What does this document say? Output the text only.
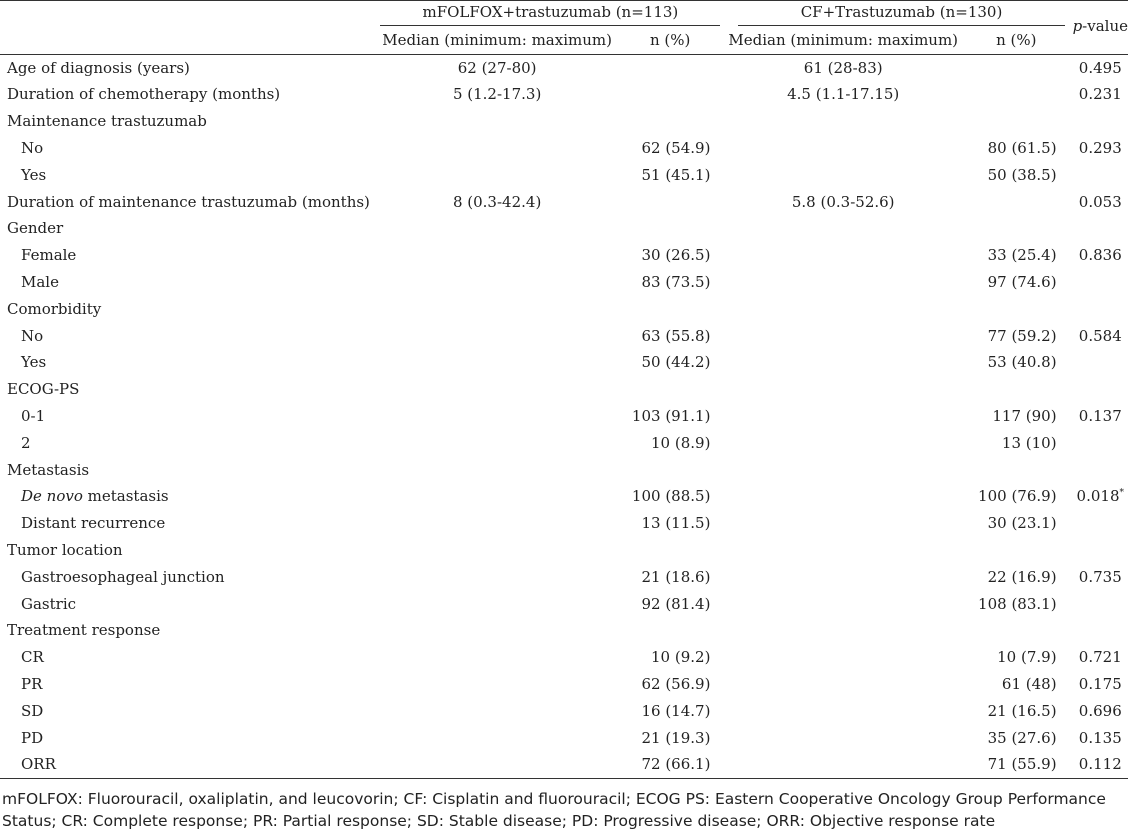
	mFOLFOX+trastuzumab (n=113)		CF+Trastuzumab (n=130)		p-value
	Median (minimum: maximum)	n (%)	Median (minimum: maximum)	n (%)	
Age of diagnosis (years)	62 (27-80)		61 (28-83)		0.495
Duration of chemotherapy (months)	5 (1.2-17.3)		4.5 (1.1-17.15)		0.231
Maintenance trastuzumab					
No		62 (54.9)		80 (61.5)	0.293
Yes		51 (45.1)		50 (38.5)	
Duration of maintenance trastuzumab (months)	8 (0.3-42.4)		5.8 (0.3-52.6)		0.053
Gender					
Female		30 (26.5)		33 (25.4)	0.836
Male		83 (73.5)		97 (74.6)	
Comorbidity					
No		63 (55.8)		77 (59.2)	0.584
Yes		50 (44.2)		53 (40.8)	
ECOG-PS					
0-1		103 (91.1)		117 (90)	0.137
2		10 (8.9)		13 (10)	
Metastasis					
De novo metastasis		100 (88.5)		100 (76.9)	0.018*
Distant recurrence		13 (11.5)		30 (23.1)	
Tumor location					
Gastroesophageal junction		21 (18.6)		22 (16.9)	0.735
Gastric		92 (81.4)		108 (83.1)	
Treatment response					
CR		10 (9.2)		10 (7.9)	0.721
PR		62 (56.9)		61 (48)	0.175
SD		16 (14.7)		21 (16.5)	0.696
PD		21 (19.3)		35 (27.6)	0.135
ORR		72 (66.1)		71 (55.9)	0.112
mFOLFOX: Fluorouracil, oxaliplatin, and leucovorin; CF: Cisplatin and fluorouracil; ECOG PS: Eastern Cooperative Oncology Group Performance Status; CR: Complete response; PR: Partial response; SD: Stable disease; PD: Progressive disease; ORR: Objective response rate
